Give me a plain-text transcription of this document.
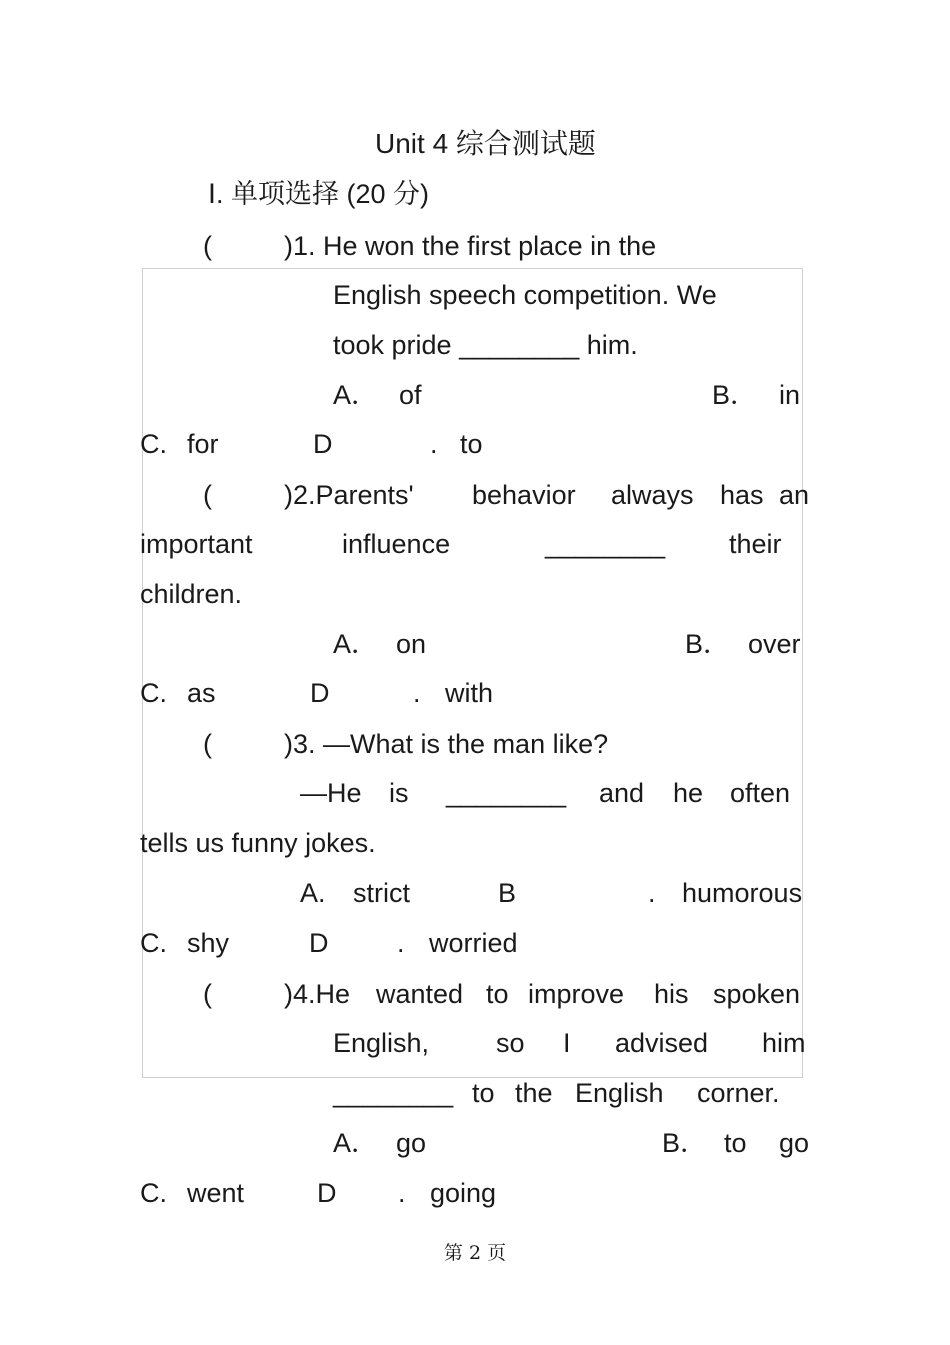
Unit 4 综合测试题
Ⅰ. 单项选择 (20 分)
(	)1. He won the first place in the
English speech competition. We
took pride ________ him.
A． of	B． in
C. for	D	. to
(	)2.Parents' behavior always has an
important	influence	________ their
children.
A． on	B． over
C. as	D	. with
(	)3. —What is the man like?
—He is ________ and he often
tells us funny jokes.
A. strict	B	. humorous
C. shy	D	. worried
(	)4.He wanted to improve his spoken
English, so I advised him
________ to the English corner.
A． go	B． to go
C. went	D . going
第 2 页
